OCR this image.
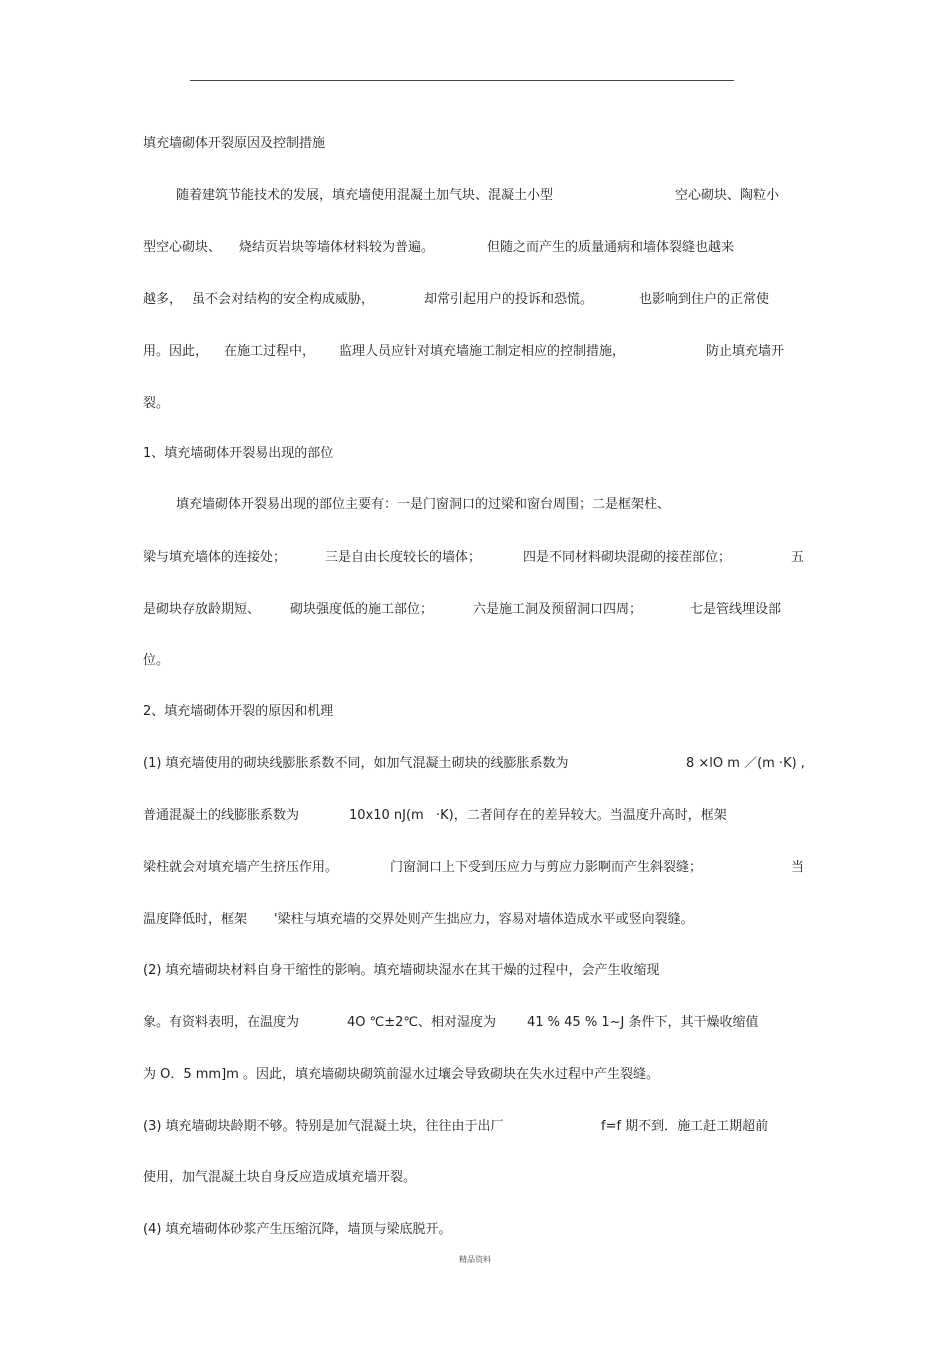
填充墙砌体开裂原因及控制措施
随着建筑节能技术的发展，填充墙使用混凝土加气块、混凝土小型	空心砌块、陶粒小
型空心砌块、 烧结页岩块等墙体材料较为普遍。	但随之而产生的质量通病和墙体裂缝也越来
越多， 虽不会对结构的安全构成威胁，	却常引起用户的投诉和恐慌。	也影响到住户的正常使
用。因此， 在施工过程中， 监理人员应针对填充墙施工制定相应的控制措施，	防止填充墙开
裂。
1、填充墙砌体开裂易出现的部位
填充墙砌体开裂易出现的部位主要有：一是门窗洞口的过梁和窗台周围；二是框架柱、
梁与填充墙体的连接处；	三是自由长度较长的墙体；	四是不同材料砌块混砌的接茬部位；	五
是砌块存放龄期短、 砌块强度低的施工部位；	六是施工洞及预留洞口四周；	七是管线埋设部
位。
2、填充墙砌体开裂的原因和机理
(1) 填充墙使用的砌块线膨胀系数不同，如加气混凝土砌块的线膨胀系数为	8 ×lO m ／(m ·K) ,
普通混凝土的线膨胀系数为	10x10 nJ(m ·K)，二者间存在的差异较大。当温度升高时，框架
梁柱就会对填充墙产生挤压作用。	门窗洞口上下受到压应力与剪应力影啊而产生斜裂缝；	当
温度降低时，框架 '梁柱与填充墙的交界处则产生拙应力，容易对墙体造成水平或竖向裂缝。
(2) 填充墙砌块材料自身干缩性的影响。填充墙砌块湿水在其干燥的过程中，会产生收缩现
象。有资料表明，在温度为	4O ℃±2℃、相对湿度为 41 % 45 % 1~J 条件下，其干燥收缩值
为 O．5 mm]m 。因此，填充墙砌块砌筑前湿水过壤会导致砌块在失水过程中产生裂缝。
(3) 填充墙砌块龄期不够。特别是加气混凝土块，往往由于出厂	f=f 期不到．施工赶工期超前
使用，加气混凝土块自身反应造成填充墙开裂。
(4) 填充墙砌体砂浆产生压缩沉降，墙顶与梁底脱开。
精品资料
